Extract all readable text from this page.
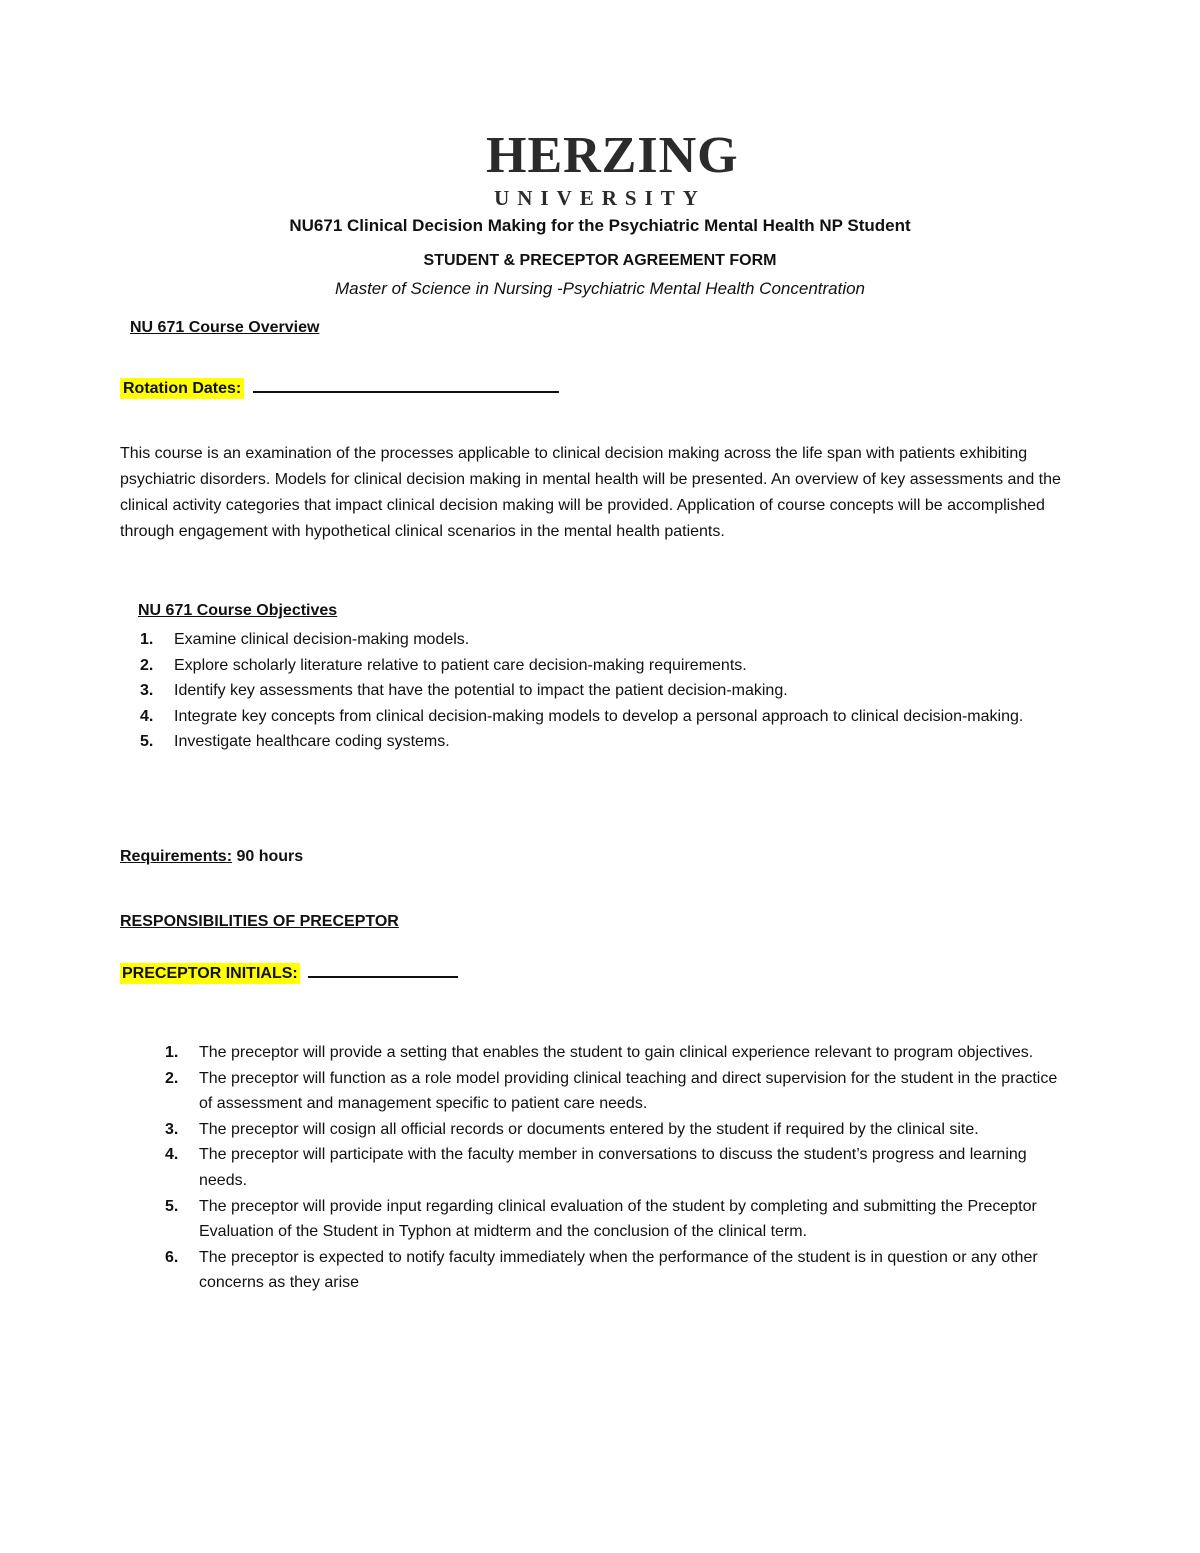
HERZING
UNIVERSITY
NU671 Clinical Decision Making for the Psychiatric Mental Health NP Student
STUDENT & PRECEPTOR AGREEMENT FORM
Master of Science in Nursing -Psychiatric Mental Health Concentration
NU 671 Course Overview
Rotation Dates:
This course is an examination of the processes applicable to clinical decision making across the life span with patients exhibiting psychiatric disorders. Models for clinical decision making in mental health will be presented. An overview of key assessments and the clinical activity categories that impact clinical decision making will be provided. Application of course concepts will be accomplished through engagement with hypothetical clinical scenarios in the mental health patients.
NU 671 Course Objectives
1. Examine clinical decision-making models.
2. Explore scholarly literature relative to patient care decision-making requirements.
3. Identify key assessments that have the potential to impact the patient decision-making.
4. Integrate key concepts from clinical decision-making models to develop a personal approach to clinical decision-making.
5. Investigate healthcare coding systems.
Requirements: 90 hours
RESPONSIBILITIES OF PRECEPTOR
PRECEPTOR INITIALS:
1. The preceptor will provide a setting that enables the student to gain clinical experience relevant to program objectives.
2. The preceptor will function as a role model providing clinical teaching and direct supervision for the student in the practice of assessment and management specific to patient care needs.
3. The preceptor will cosign all official records or documents entered by the student if required by the clinical site.
4. The preceptor will participate with the faculty member in conversations to discuss the student’s progress and learning needs.
5. The preceptor will provide input regarding clinical evaluation of the student by completing and submitting the Preceptor Evaluation of the Student in Typhon at midterm and the conclusion of the clinical term.
6. The preceptor is expected to notify faculty immediately when the performance of the student is in question or any other concerns as they arise
